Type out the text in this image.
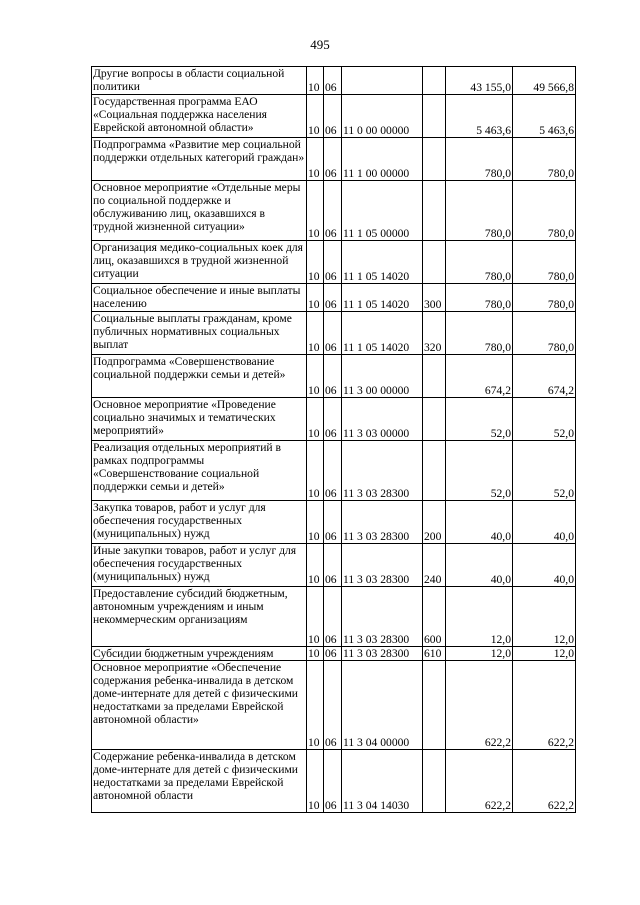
495
Другие вопросы в области социальной политики	10	06			43 155,0	49 566,8
Государственная программа ЕАО «Социальная поддержка населения Еврейской автономной области»	10	06	11 0 00 00000		5 463,6	5 463,6
Подпрограмма «Развитие мер социальной поддержки отдельных категорий граждан»	10	06	11 1 00 00000		780,0	780,0
Основное мероприятие «Отдельные меры по социальной поддержке и обслуживанию лиц, оказавшихся в трудной жизненной ситуации»	10	06	11 1 05 00000		780,0	780,0
Организация медико-социальных коек для лиц, оказавшихся в трудной жизненной ситуации	10	06	11 1 05 14020		780,0	780,0
Социальное обеспечение и иные выплаты населению	10	06	11 1 05 14020	300	780,0	780,0
Социальные выплаты гражданам, кроме публичных нормативных социальных выплат	10	06	11 1 05 14020	320	780,0	780,0
Подпрограмма «Совершенствование социальной поддержки семьи и детей»	10	06	11 3 00 00000		674,2	674,2
Основное мероприятие «Проведение социально значимых и тематических мероприятий»	10	06	11 3 03 00000		52,0	52,0
Реализация отдельных мероприятий в рамках подпрограммы «Совершенствование социальной поддержки семьи и детей»	10	06	11 3 03 28300		52,0	52,0
Закупка товаров, работ и услуг для обеспечения государственных (муниципальных) нужд	10	06	11 3 03 28300	200	40,0	40,0
Иные закупки товаров, работ и услуг для обеспечения государственных (муниципальных) нужд	10	06	11 3 03 28300	240	40,0	40,0
Предоставление субсидий бюджетным, автономным учреждениям и иным некоммерческим организациям	10	06	11 3 03 28300	600	12,0	12,0
Субсидии бюджетным учреждениям	10	06	11 3 03 28300	610	12,0	12,0
Основное мероприятие «Обеспечение содержания ребенка-инвалида в детском доме-интернате для детей с физическими недостатками за пределами Еврейской автономной области»	10	06	11 3 04 00000		622,2	622,2
Содержание ребенка-инвалида в детском доме-интернате для детей с физическими недостатками за пределами Еврейской автономной области	10	06	11 3 04 14030		622,2	622,2
